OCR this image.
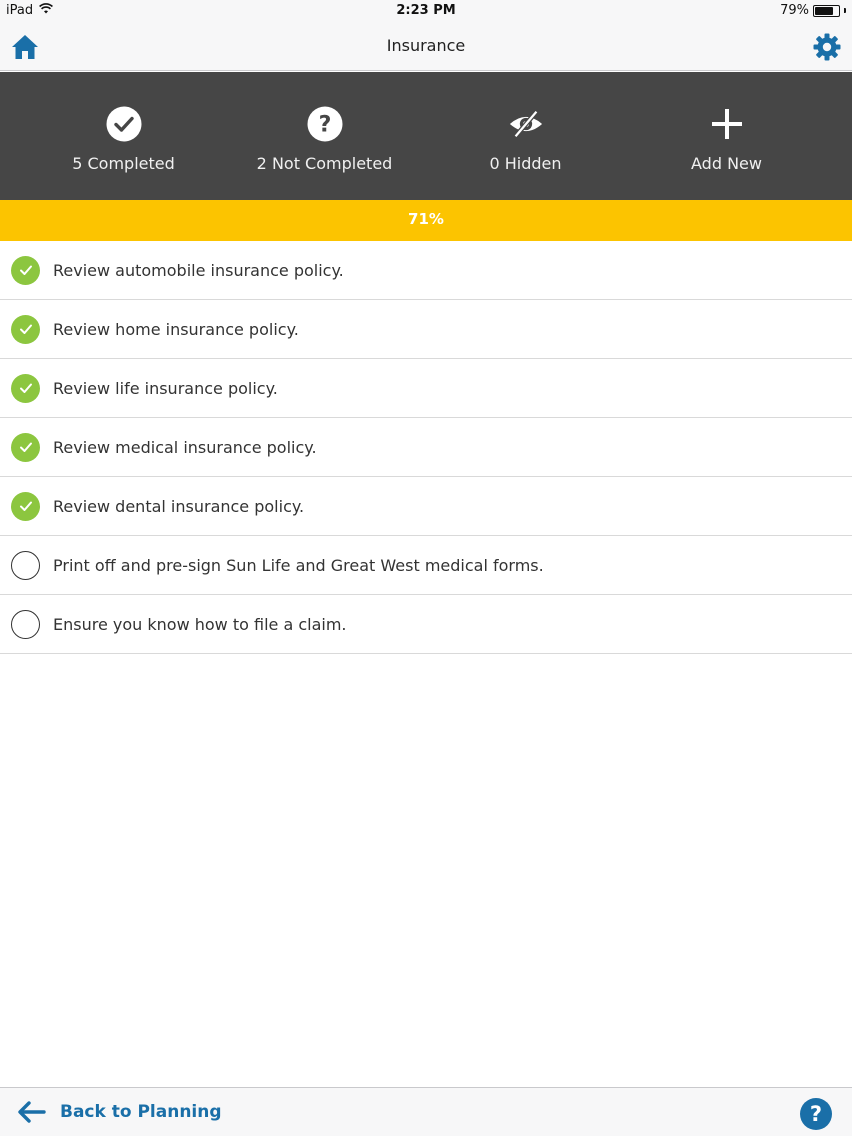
iPad	2:23 PM	79%
Insurance
5 Completed
?
2 Not Completed	0 Hidden	Add New
71%
Review automobile insurance policy.
Review home insurance policy.
Review life insurance policy.
Review medical insurance policy.
Review dental insurance policy.
Print off and pre-sign Sun Life and Great West medical forms.
Ensure you know how to file a claim.
Back to Planning	?
